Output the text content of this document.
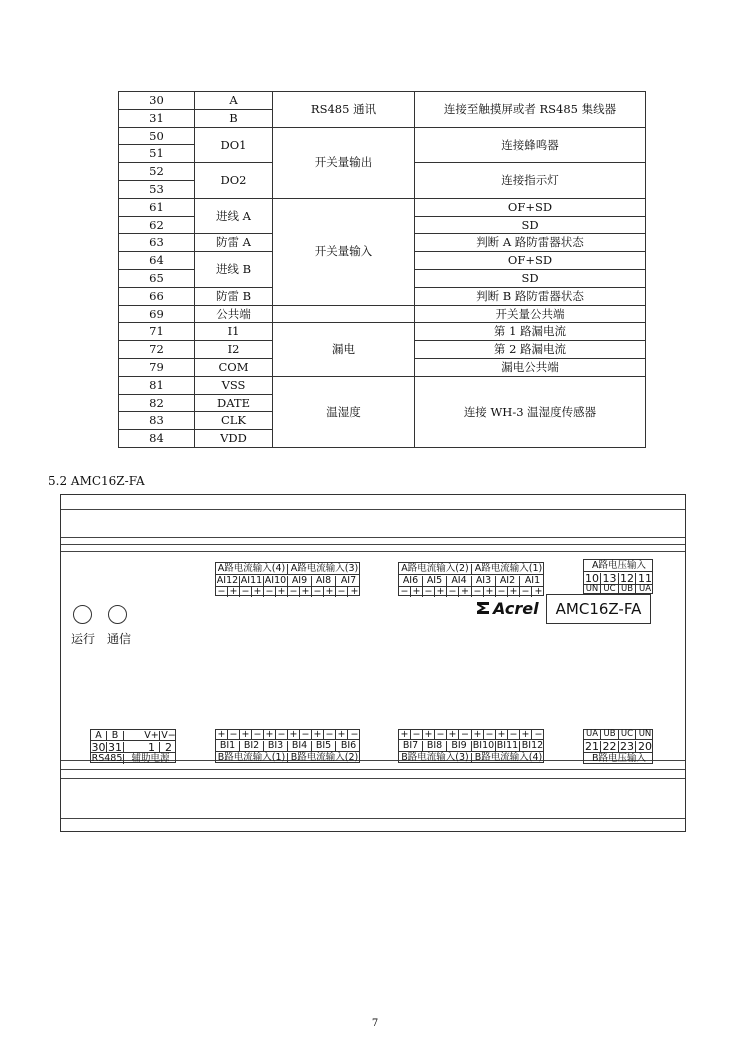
30	A	RS485 通讯	连接至触摸屏或者 RS485 集线器
31	B		
50	DO1	开关量输出	连接蜂鸣器
51			
52	DO2		连接指示灯
53			
61	进线 A	开关量输入	OF+SD
62			SD
63	防雷 A		判断 A 路防雷器状态
64	进线 B		OF+SD
65			SD
66	防雷 B		判断 B 路防雷器状态
69	公共端		开关量公共端
71	I1	漏电	第 1 路漏电流
72	I2		第 2 路漏电流
79	COM		漏电公共端
81	VSS	温湿度	连接 WH-3 温湿度传感器
82	DATE		
83	CLK		
84	VDD		
5.2 AMC16Z-FA
运行 通信
A路电流输入(4) A路电流输入(3)
AI12 AI11 AI10 AI9 AI8	AI7
− + − + − + − + − + − +
A路电流输入(2) A路电流输入(1)
AI6 AI5 AI4 AI3 AI2	AI1
− + − + − + − + − + − +
A路电压输入
10 13 12 11
UN UC UB UA
Acrel	AMC16Z-FA
A	B	V+ V−
30 31	1 2
RS485 辅助电源
+ − + − + − + − + − + −
BI1 BI2 BI3 BI4 BI5	BI6
B路电流输入(1) B路电流输入(2)
+ − + − + − + − + − + −
BI7 BI8 BI9 BI10 BI11 BI12
B路电流输入(3) B路电流输入(4)
UA UB UC UN
21 22 23 20
B路电压输入
7
